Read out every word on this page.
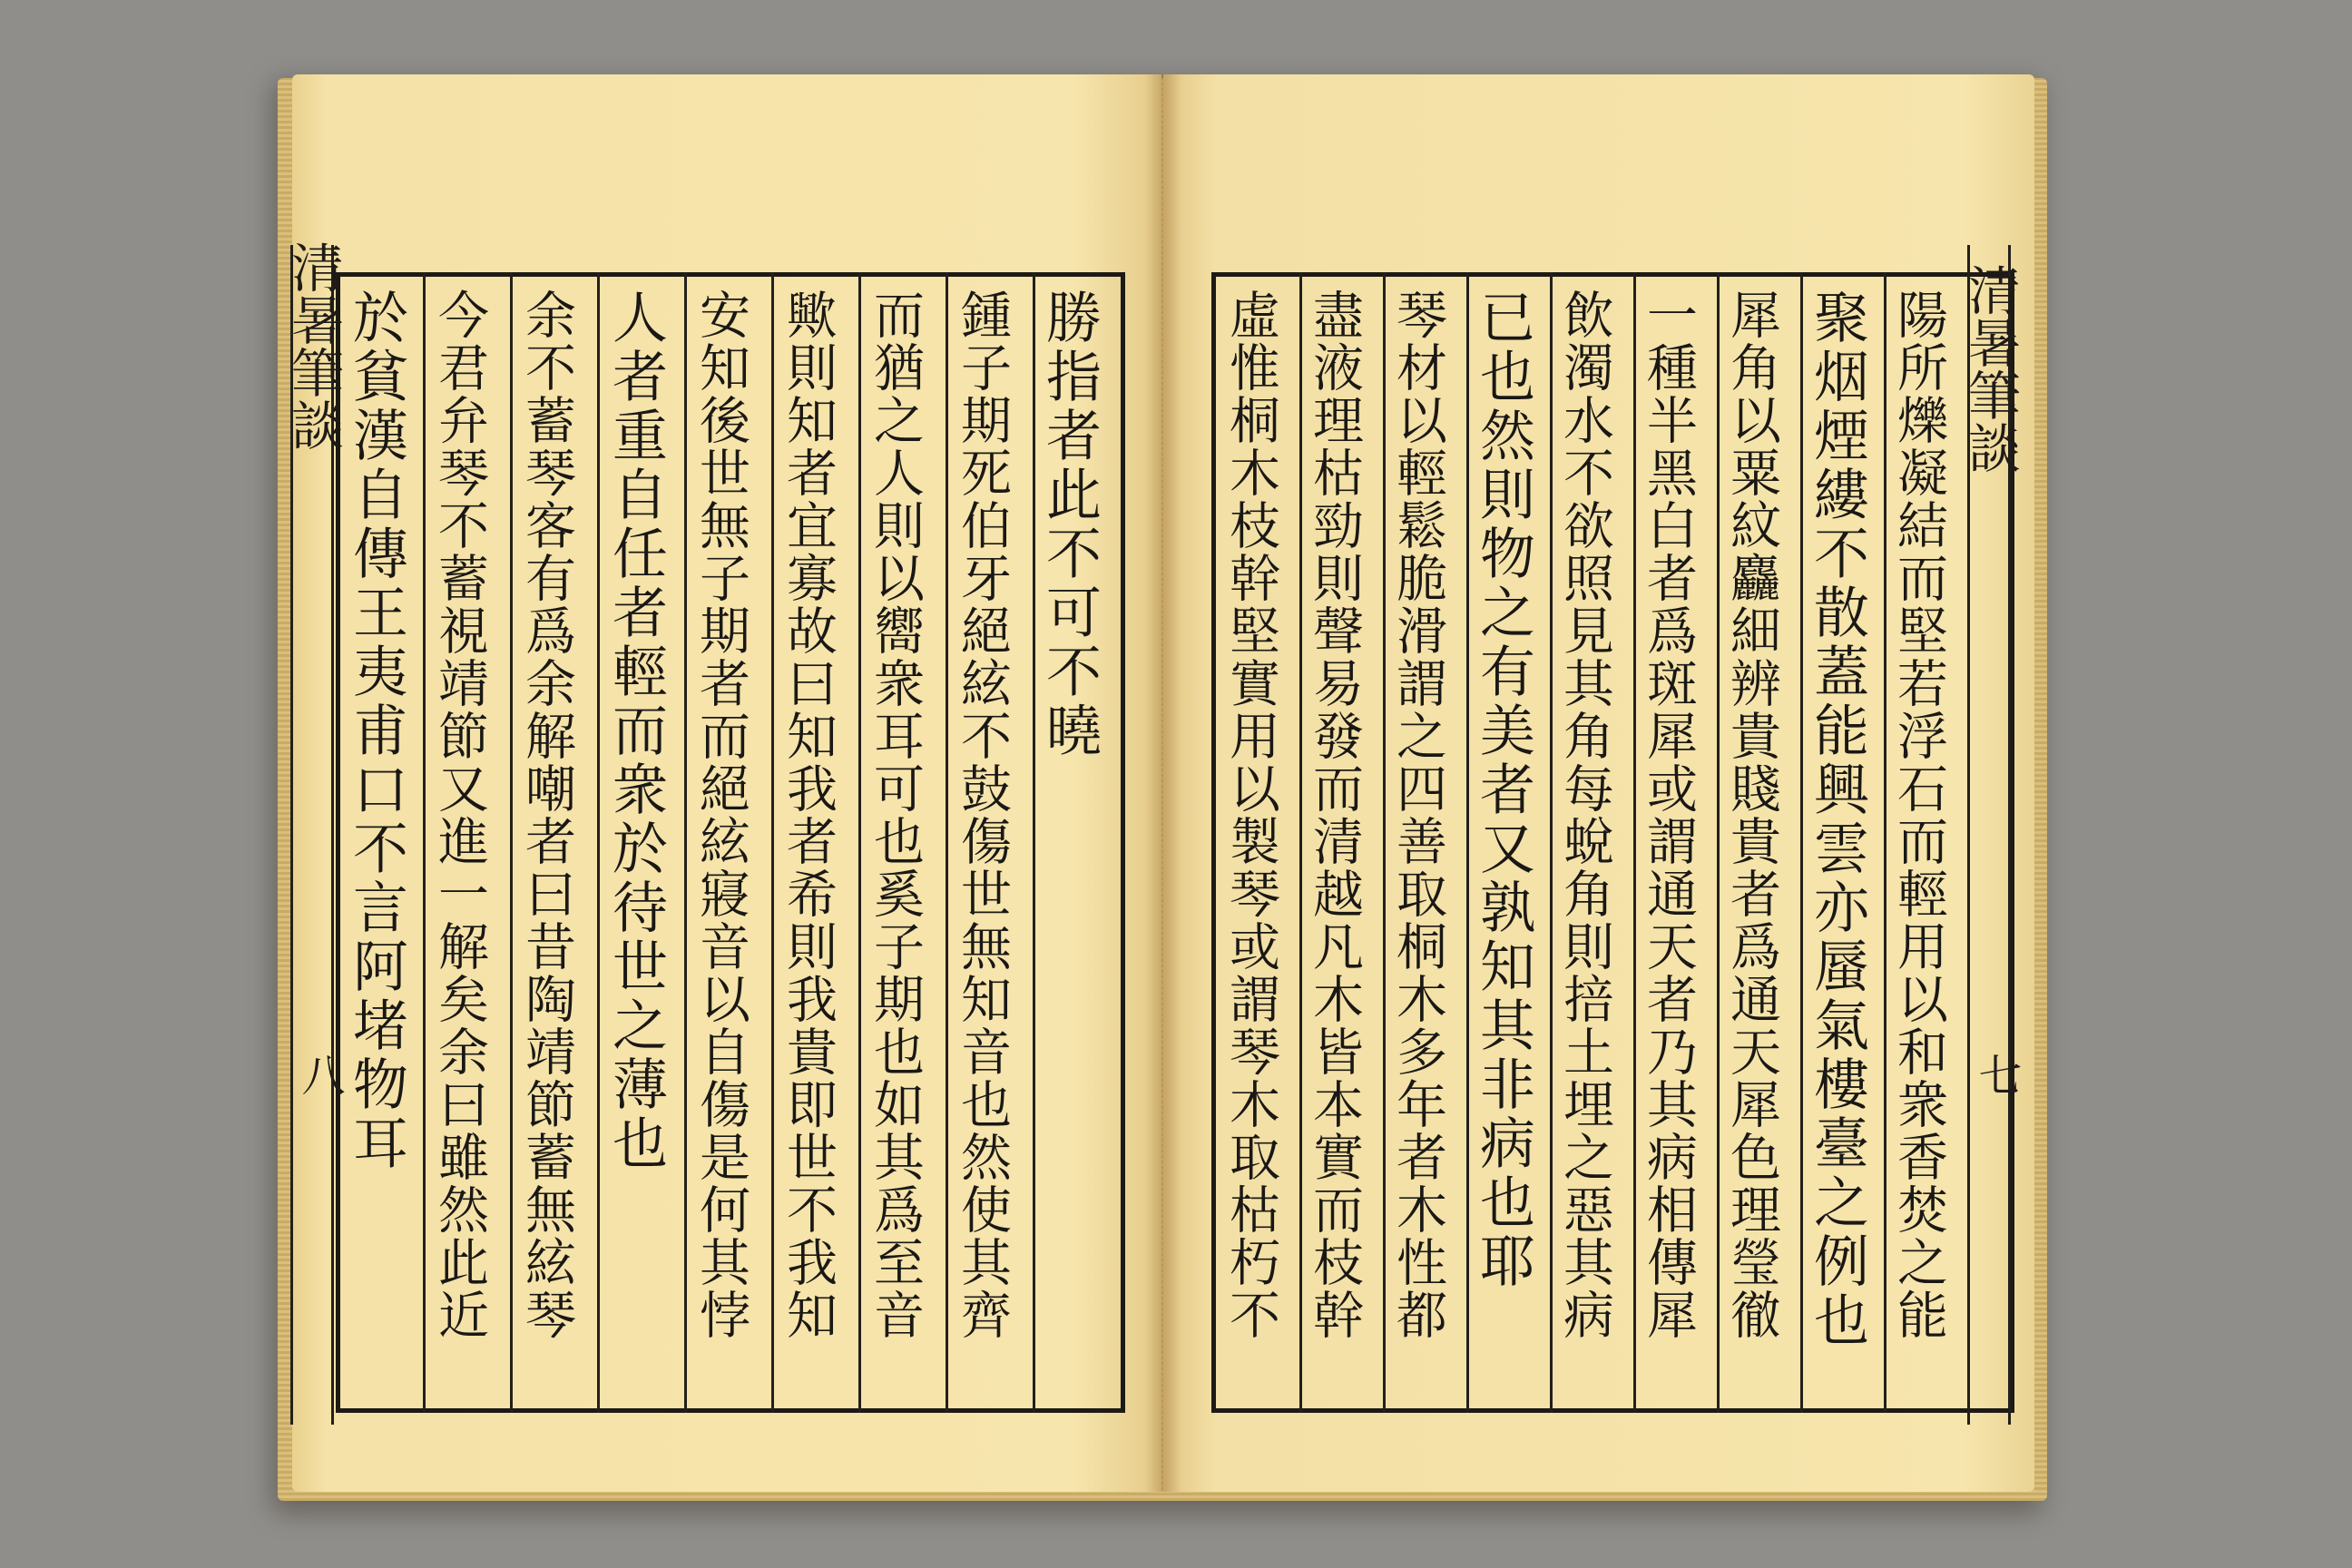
清暑筆談
八
勝指者此不可不曉
鍾子期死伯牙絕絃不鼓傷世無知音也然使其齊
而猶之人則以嚮衆耳可也奚子期也如其爲至音
歟則知者宜寡故曰知我者希則我貴即世不我知
安知後世無子期者而絕絃寢音以自傷是何其悖
人者重自任者輕而衆於待世之薄也
余不蓄琴客有爲余解嘲者曰昔陶靖節蓄無絃琴
今君弁琴不蓄視靖節又進一解矣余曰雖然此近
於貧漢自傳王夷甫口不言阿堵物耳	清暑筆談
七
陽所爍凝結而堅若浮石而輕用以和衆香焚之能
聚烟煙縷不散蓋能興雲亦蜃氣樓臺之例也
犀角以粟紋麤細辨貴賤貴者爲通天犀色理瑩徹
一種半黑白者爲斑犀或謂通天者乃其病相傳犀
飲濁水不欲照見其角每蛻角則掊土埋之惡其病
已也然則物之有美者又孰知其非病也耶
琴材以輕鬆脆滑謂之四善取桐木多年者木性都
盡液理枯勁則聲易發而清越凡木皆本實而枝幹
虛惟桐木枝幹堅實用以製琴或謂琴木取枯朽不
